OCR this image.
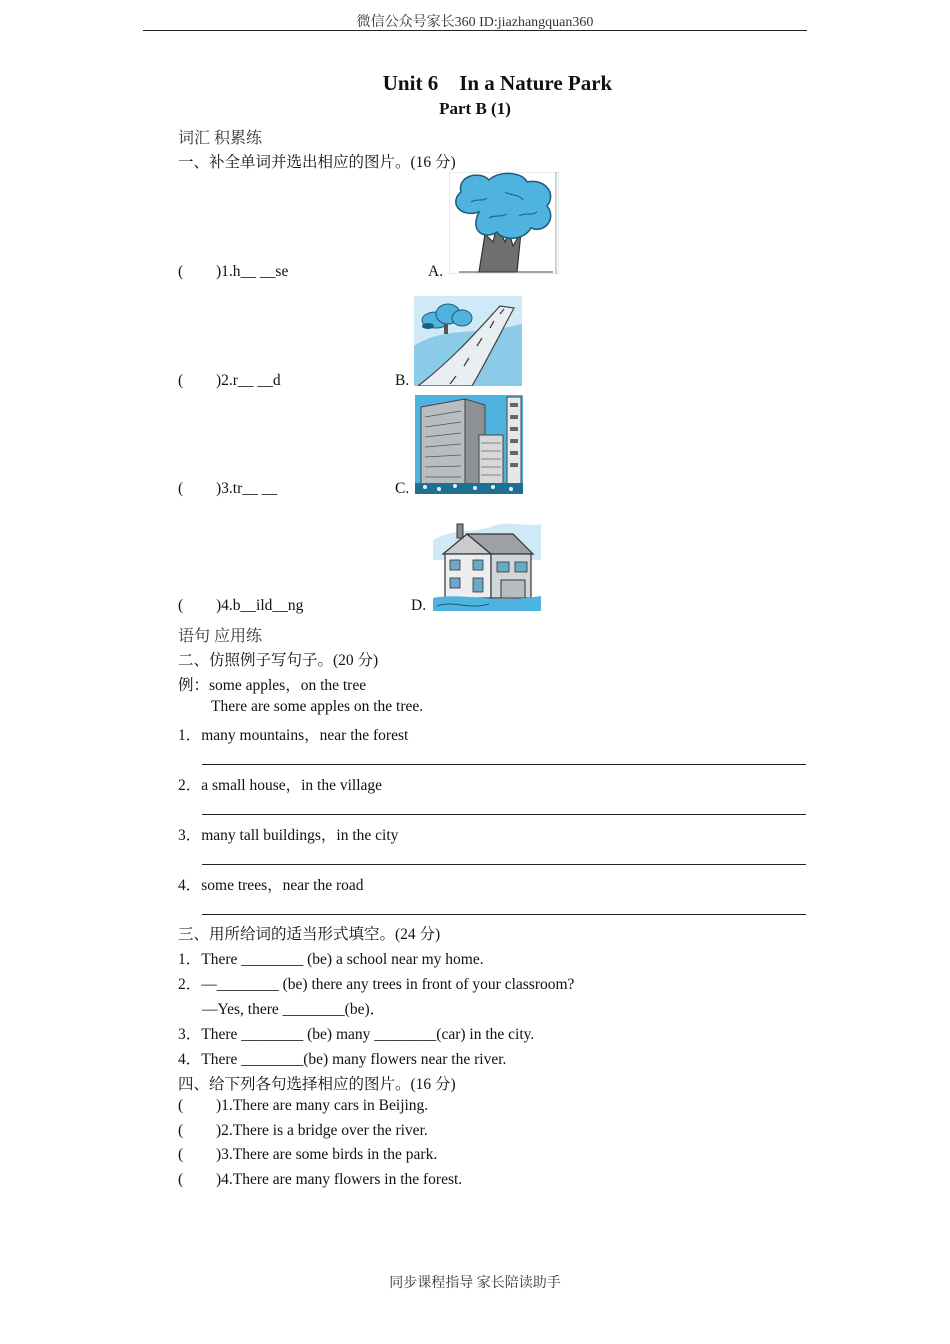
微信公众号家长360 ID:jiazhangquan360
Unit 6 In a Nature Park
Part B (1)
词汇 积累练
一、补全单词并选出相应的图片。(16 分)
( )1.h__ __se	A.
( )2.r__ __d	B.
( )3.tr__ __	C.
( )4.b__ild__ng	D.
语句 应用练
二、仿照例子写句子。(20 分)
例：some apples，on the tree
There are some apples on the tree.
1．many mountains，near the forest
2．a small house，in the village
3．many tall buildings，in the city
4．some trees，near the road
三、用所给词的适当形式填空。(24 分)
1．There ________ (be) a school near my home.
2．—________ (be) there any trees in front of your classroom?
—Yes, there ________(be)．
3．There ________ (be) many ________(car) in the city.
4．There ________(be) many flowers near the river.
四、给下列各句选择相应的图片。(16 分)
( )1.There are many cars in Beijing.
( )2.There is a bridge over the river.
( )3.There are some birds in the park.
( )4.There are many flowers in the forest.
同步课程指导 家长陪读助手
